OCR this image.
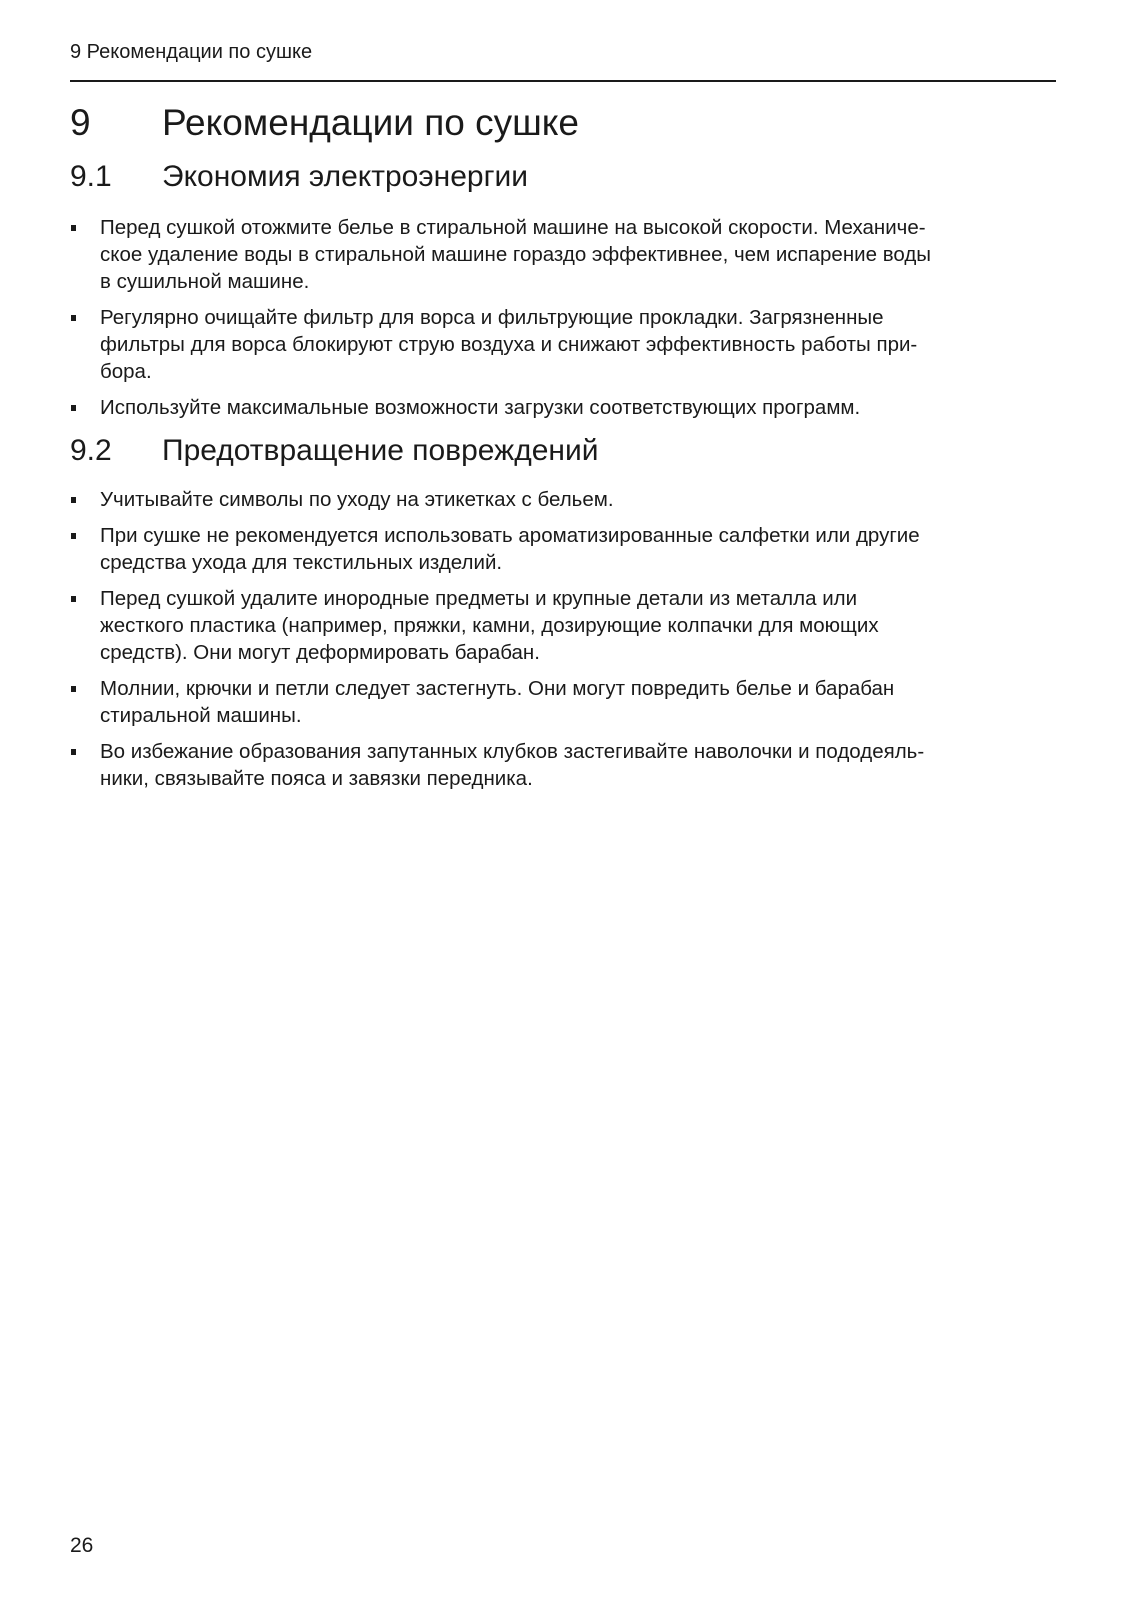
9 Рекомендации по сушке
9 Рекомендации по сушке
9.1 Экономия электроэнергии
Перед сушкой отожмите белье в стиральной машине на высокой скорости. Механиче-
ское удаление воды в стиральной машине гораздо эффективнее, чем испарение воды
в сушильной машине.
Регулярно очищайте фильтр для ворса и фильтрующие прокладки. Загрязненные
фильтры для ворса блокируют струю воздуха и снижают эффективность работы при-
бора.
Используйте максимальные возможности загрузки соответствующих программ.
9.2 Предотвращение повреждений
Учитывайте символы по уходу на этикетках с бельем.
При сушке не рекомендуется использовать ароматизированные салфетки или другие
средства ухода для текстильных изделий.
Перед сушкой удалите инородные предметы и крупные детали из металла или
жесткого пластика (например, пряжки, камни, дозирующие колпачки для моющих
средств). Они могут деформировать барабан.
Молнии, крючки и петли следует застегнуть. Они могут повредить белье и барабан
стиральной машины.
Во избежание образования запутанных клубков застегивайте наволочки и пододеяль-
ники, связывайте пояса и завязки передника.
26
